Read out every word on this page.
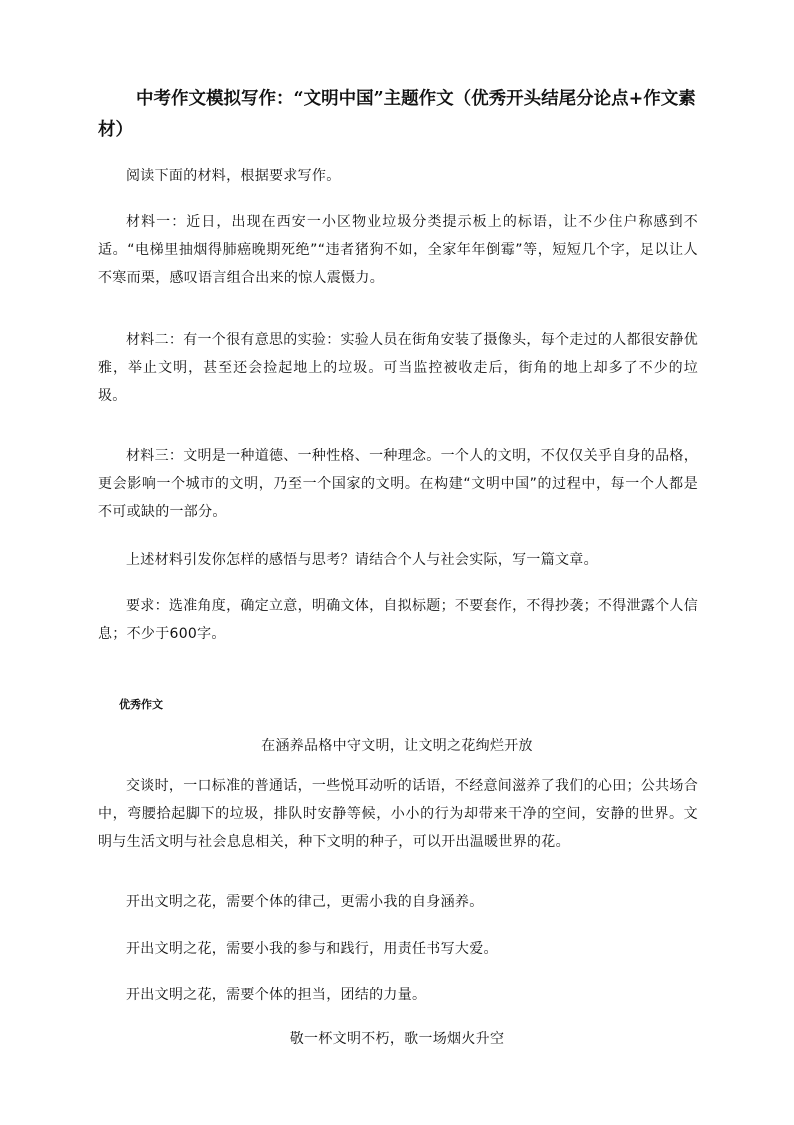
中考作文模拟写作：“文明中国”主题作文（优秀开头结尾分论点+作文素材）

阅读下面的材料，根据要求写作。

材料一：近日，出现在西安一小区物业垃圾分类提示板上的标语，让不少住户称感到不适。“电梯里抽烟得肺癌晚期死绝”“违者猪狗不如，全家年年倒霉”等，短短几个字，足以让人不寒而栗，感叹语言组合出来的惊人震慑力。

材料二：有一个很有意思的实验：实验人员在街角安装了摄像头，每个走过的人都很安静优雅，举止文明，甚至还会捡起地上的垃圾。可当监控被收走后，街角的地上却多了不少的垃圾。

材料三：文明是一种道德、一种性格、一种理念。一个人的文明，不仅仅关乎自身的品格，更会影响一个城市的文明，乃至一个国家的文明。在构建“文明中国”的过程中，每一个人都是不可或缺的一部分。

上述材料引发你怎样的感悟与思考？请结合个人与社会实际，写一篇文章。

要求：选准角度，确定立意，明确文体，自拟标题；不要套作，不得抄袭；不得泄露个人信息；不少于600字。

优秀作文

在涵养品格中守文明，让文明之花绚烂开放

交谈时，一口标准的普通话，一些悦耳动听的话语，不经意间滋养了我们的心田；公共场合中，弯腰拾起脚下的垃圾，排队时安静等候，小小的行为却带来干净的空间，安静的世界。文明与生活文明与社会息息相关，种下文明的种子，可以开出温暖世界的花。

开出文明之花，需要个体的律己，更需小我的自身涵养。

开出文明之花，需要小我的参与和践行，用责任书写大爱。

开出文明之花，需要个体的担当，团结的力量。

敬一杯文明不朽，歌一场烟火升空
